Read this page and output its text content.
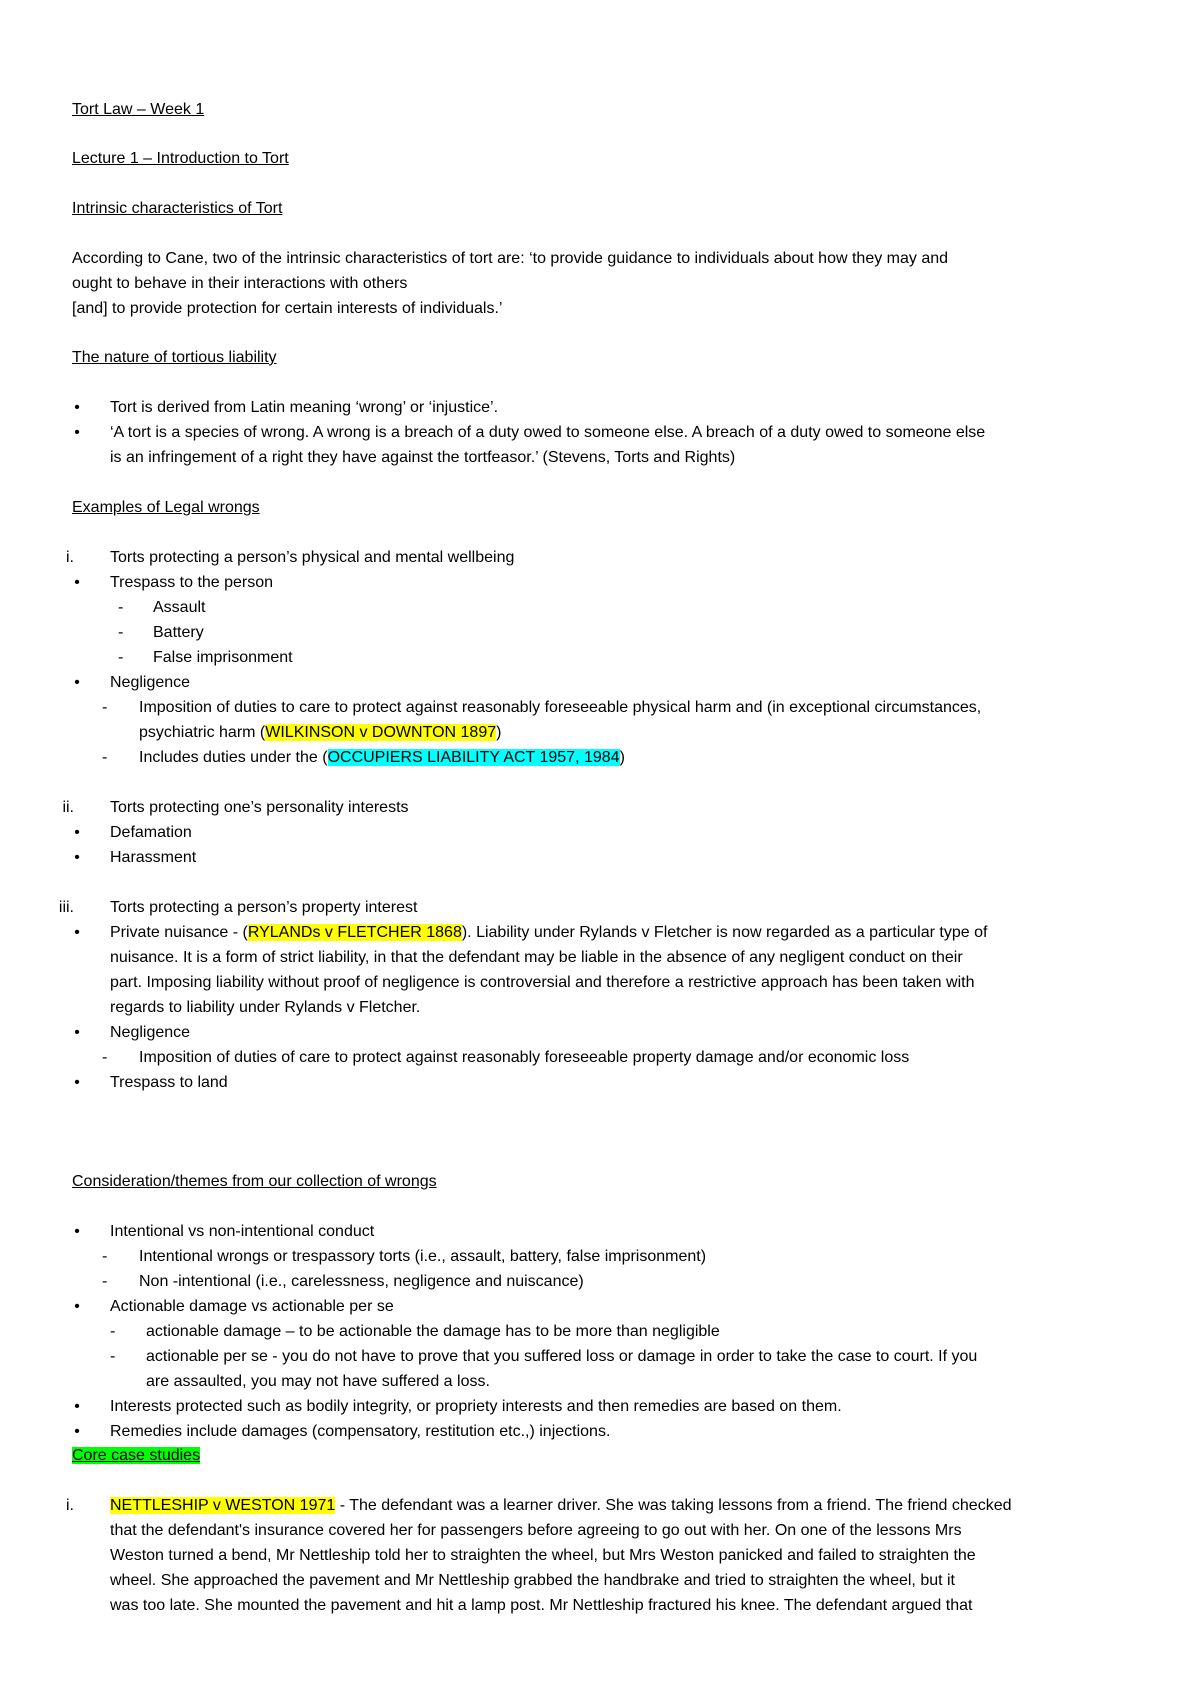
Tort Law – Week 1
Lecture 1 – Introduction to Tort
Intrinsic characteristics of Tort
According to Cane, two of the intrinsic characteristics of tort are: ‘to provide guidance to individuals about how they may and
ought to behave in their interactions with others
[and] to provide protection for certain interests of individuals.’
The nature of tortious liability
• Tort is derived from Latin meaning ‘wrong’ or ‘injustice’.
• ‘A tort is a species of wrong. A wrong is a breach of a duty owed to someone else. A breach of a duty owed to someone else
is an infringement of a right they have against the tortfeasor.’ (Stevens, Torts and Rights)
Examples of Legal wrongs
i. Torts protecting a person’s physical and mental wellbeing
• Trespass to the person
- Assault
- Battery
- False imprisonment
• Negligence
- Imposition of duties to care to protect against reasonably foreseeable physical harm and (in exceptional circumstances,
psychiatric harm (WILKINSON v DOWNTON 1897)
- Includes duties under the (OCCUPIERS LIABILITY ACT 1957, 1984)
ii. Torts protecting one’s personality interests
• Defamation
• Harassment
iii. Torts protecting a person’s property interest
• Private nuisance - (RYLANDs v FLETCHER 1868). Liability under Rylands v Fletcher is now regarded as a particular type of
nuisance. It is a form of strict liability, in that the defendant may be liable in the absence of any negligent conduct on their
part. Imposing liability without proof of negligence is controversial and therefore a restrictive approach has been taken with
regards to liability under Rylands v Fletcher.
• Negligence
- Imposition of duties of care to protect against reasonably foreseeable property damage and/or economic loss
• Trespass to land
Consideration/themes from our collection of wrongs
• Intentional vs non-intentional conduct
- Intentional wrongs or trespassory torts (i.e., assault, battery, false imprisonment)
- Non -intentional (i.e., carelessness, negligence and nuiscance)
• Actionable damage vs actionable per se
- actionable damage – to be actionable the damage has to be more than negligible
- actionable per se - you do not have to prove that you suffered loss or damage in order to take the case to court. If you
are assaulted, you may not have suffered a loss.
• Interests protected such as bodily integrity, or propriety interests and then remedies are based on them.
• Remedies include damages (compensatory, restitution etc.,) injections.
Core case studies
i. NETTLESHIP v WESTON 1971 - The defendant was a learner driver. She was taking lessons from a friend. The friend checked
that the defendant's insurance covered her for passengers before agreeing to go out with her. On one of the lessons Mrs
Weston turned a bend, Mr Nettleship told her to straighten the wheel, but Mrs Weston panicked and failed to straighten the
wheel. She approached the pavement and Mr Nettleship grabbed the handbrake and tried to straighten the wheel, but it
was too late. She mounted the pavement and hit a lamp post. Mr Nettleship fractured his knee. The defendant argued that
